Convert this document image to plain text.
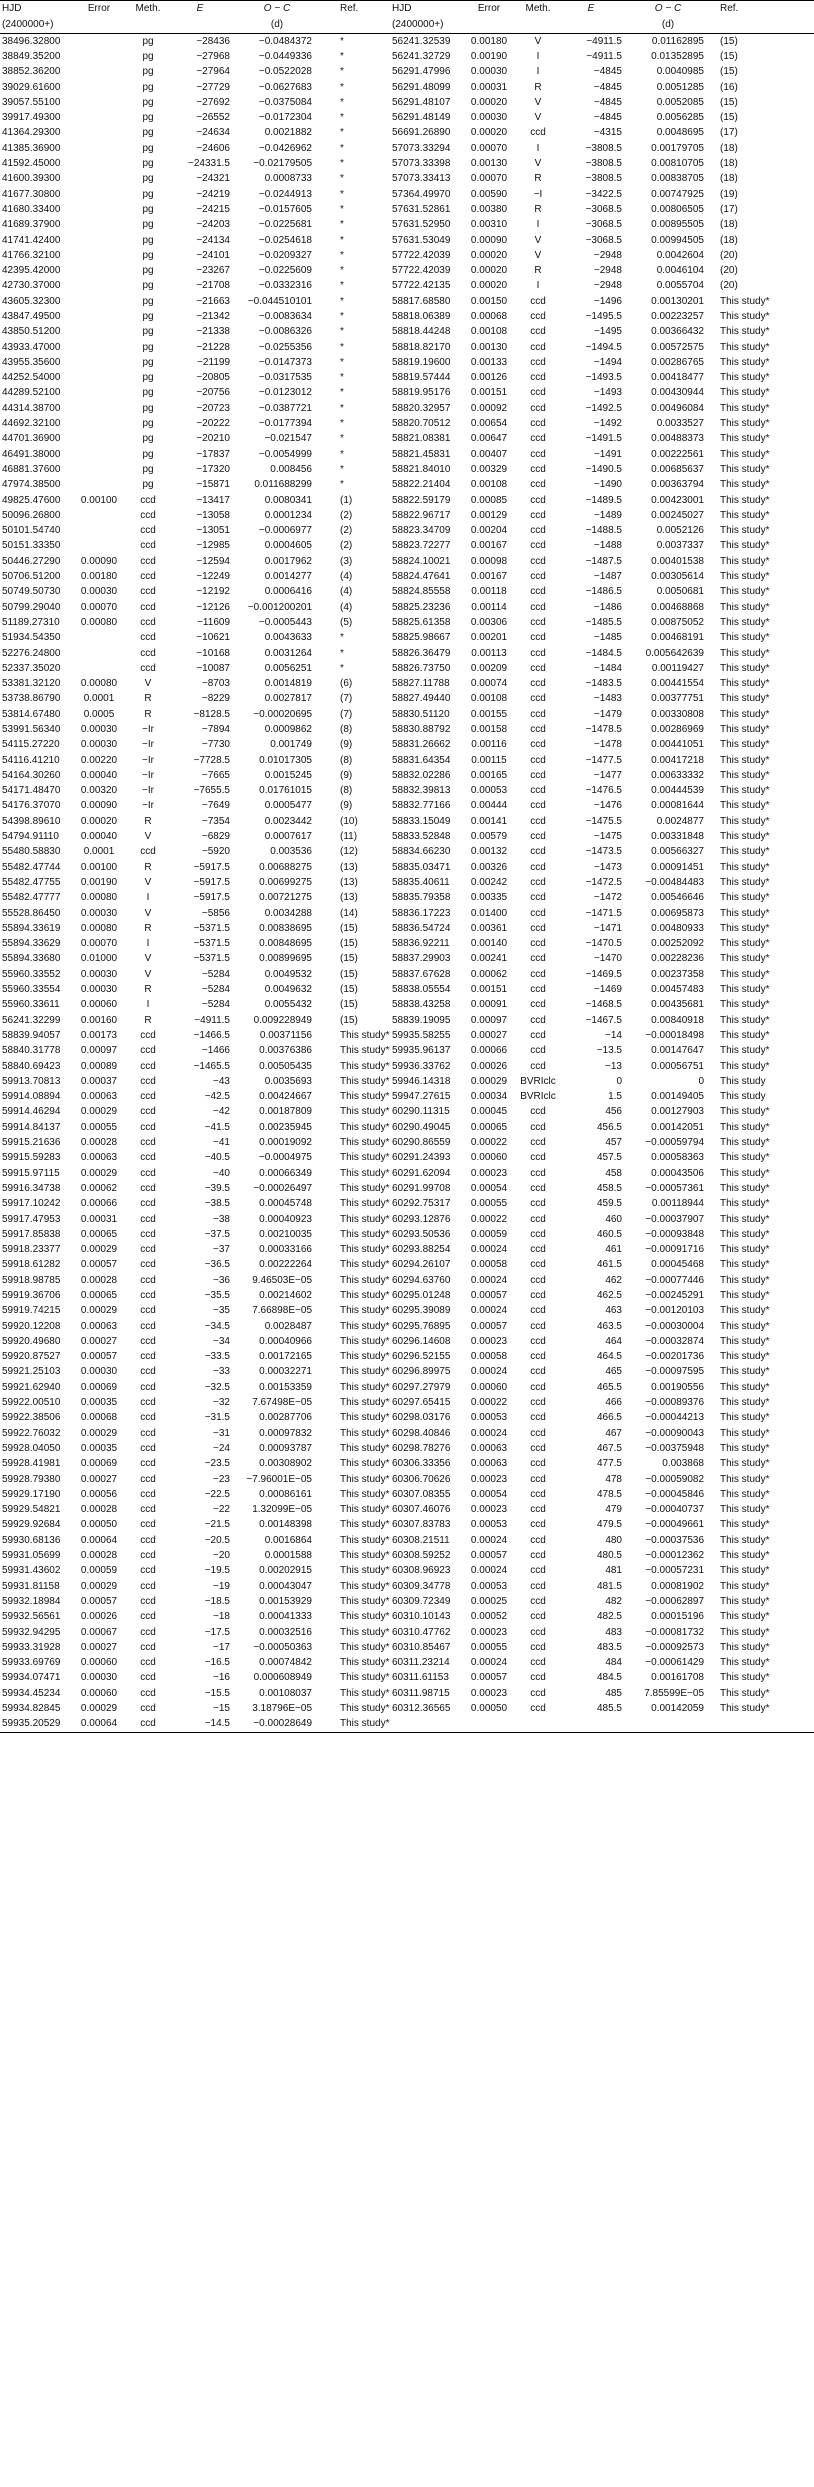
HJD	Error	Meth.	E	O − C	Ref.	HJD	Error	Meth.	E	O − C	Ref.
(2400000+)				(d)		(2400000+)				(d)	
38496.32800		pg	−28436	−0.0484372	*	56241.32539	0.00180	V	−4911.5	0.01162895	(15)
38849.35200		pg	−27968	−0.0449336	*	56241.32729	0.00190	I	−4911.5	0.01352895	(15)
38852.36200		pg	−27964	−0.0522028	*	56291.47996	0.00030	I	−4845	0.0040985	(15)
39029.61600		pg	−27729	−0.0627683	*	56291.48099	0.00031	R	−4845	0.0051285	(16)
39057.55100		pg	−27692	−0.0375084	*	56291.48107	0.00020	V	−4845	0.0052085	(15)
39917.49300		pg	−26552	−0.0172304	*	56291.48149	0.00030	V	−4845	0.0056285	(15)
41364.29300		pg	−24634	0.0021882	*	56691.26890	0.00020	ccd	−4315	0.0048695	(17)
41385.36900		pg	−24606	−0.0426962	*	57073.33294	0.00070	I	−3808.5	0.00179705	(18)
41592.45000		pg	−24331.5	−0.02179505	*	57073.33398	0.00130	V	−3808.5	0.00810705	(18)
41600.39300		pg	−24321	0.0008733	*	57073.33413	0.00070	R	−3808.5	0.00838705	(18)
41677.30800		pg	−24219	−0.0244913	*	57364.49970	0.00590	−I	−3422.5	0.00747925	(19)
41680.33400		pg	−24215	−0.0157605	*	57631.52861	0.00380	R	−3068.5	0.00806505	(17)
41689.37900		pg	−24203	−0.0225681	*	57631.52950	0.00310	I	−3068.5	0.00895505	(18)
41741.42400		pg	−24134	−0.0254618	*	57631.53049	0.00090	V	−3068.5	0.00994505	(18)
41766.32100		pg	−24101	−0.0209327	*	57722.42039	0.00020	V	−2948	0.0042604	(20)
42395.42000		pg	−23267	−0.0225609	*	57722.42039	0.00020	R	−2948	0.0046104	(20)
42730.37000		pg	−21708	−0.0332316	*	57722.42135	0.00020	I	−2948	0.0055704	(20)
43605.32300		pg	−21663	−0.044510101	*	58817.68580	0.00150	ccd	−1496	0.00130201	This study*
43847.49500		pg	−21342	−0.0083634	*	58818.06389	0.00068	ccd	−1495.5	0.00223257	This study*
43850.51200		pg	−21338	−0.0086326	*	58818.44248	0.00108	ccd	−1495	0.00366432	This study*
43933.47000		pg	−21228	−0.0255356	*	58818.82170	0.00130	ccd	−1494.5	0.00572575	This study*
43955.35600		pg	−21199	−0.0147373	*	58819.19600	0.00133	ccd	−1494	0.00286765	This study*
44252.54000		pg	−20805	−0.0317535	*	58819.57444	0.00126	ccd	−1493.5	0.00418477	This study*
44289.52100		pg	−20756	−0.0123012	*	58819.95176	0.00151	ccd	−1493	0.00430944	This study*
44314.38700		pg	−20723	−0.0387721	*	58820.32957	0.00092	ccd	−1492.5	0.00496084	This study*
44692.32100		pg	−20222	−0.0177394	*	58820.70512	0.00654	ccd	−1492	0.0033527	This study*
44701.36900		pg	−20210	−0.021547	*	58821.08381	0.00647	ccd	−1491.5	0.00488373	This study*
46491.38000		pg	−17837	−0.0054999	*	58821.45831	0.00407	ccd	−1491	0.00222561	This study*
46881.37600		pg	−17320	0.008456	*	58821.84010	0.00329	ccd	−1490.5	0.00685637	This study*
47974.38500		pg	−15871	0.011688299	*	58822.21404	0.00108	ccd	−1490	0.00363794	This study*
49825.47600	0.00100	ccd	−13417	0.0080341	(1)	58822.59179	0.00085	ccd	−1489.5	0.00423001	This study*
50096.26800		ccd	−13058	0.0001234	(2)	58822.96717	0.00129	ccd	−1489	0.00245027	This study*
50101.54740		ccd	−13051	−0.0006977	(2)	58823.34709	0.00204	ccd	−1488.5	0.0052126	This study*
50151.33350		ccd	−12985	0.0004605	(2)	58823.72277	0.00167	ccd	−1488	0.0037337	This study*
50446.27290	0.00090	ccd	−12594	0.0017962	(3)	58824.10021	0.00098	ccd	−1487.5	0.00401538	This study*
50706.51200	0.00180	ccd	−12249	0.0014277	(4)	58824.47641	0.00167	ccd	−1487	0.00305614	This study*
50749.50730	0.00030	ccd	−12192	0.0006416	(4)	58824.85558	0.00118	ccd	−1486.5	0.0050681	This study*
50799.29040	0.00070	ccd	−12126	−0.001200201	(4)	58825.23236	0.00114	ccd	−1486	0.00468868	This study*
51189.27310	0.00080	ccd	−11609	−0.0005443	(5)	58825.61358	0.00306	ccd	−1485.5	0.00875052	This study*
51934.54350		ccd	−10621	0.0043633	*	58825.98667	0.00201	ccd	−1485	0.00468191	This study*
52276.24800		ccd	−10168	0.0031264	*	58826.36479	0.00113	ccd	−1484.5	0.005642639	This study*
52337.35020		ccd	−10087	0.0056251	*	58826.73750	0.00209	ccd	−1484	0.00119427	This study*
53381.32120	0.00080	V	−8703	0.0014819	(6)	58827.11788	0.00074	ccd	−1483.5	0.00441554	This study*
53738.86790	0.0001	R	−8229	0.0027817	(7)	58827.49440	0.00108	ccd	−1483	0.00377751	This study*
53814.67480	0.0005	R	−8128.5	−0.00020695	(7)	58830.51120	0.00155	ccd	−1479	0.00330808	This study*
53991.56340	0.00030	−Ir	−7894	0.0009862	(8)	58830.88792	0.00158	ccd	−1478.5	0.00286969	This study*
54115.27220	0.00030	−Ir	−7730	0.001749	(9)	58831.26662	0.00116	ccd	−1478	0.00441051	This study*
54116.41210	0.00220	−Ir	−7728.5	0.01017305	(8)	58831.64354	0.00115	ccd	−1477.5	0.00417218	This study*
54164.30260	0.00040	−Ir	−7665	0.0015245	(9)	58832.02286	0.00165	ccd	−1477	0.00633332	This study*
54171.48470	0.00320	−Ir	−7655.5	0.01761015	(8)	58832.39813	0.00053	ccd	−1476.5	0.00444539	This study*
54176.37070	0.00090	−Ir	−7649	0.0005477	(9)	58832.77166	0.00444	ccd	−1476	0.00081644	This study*
54398.89610	0.00020	R	−7354	0.0023442	(10)	58833.15049	0.00141	ccd	−1475.5	0.0024877	This study*
54794.91110	0.00040	V	−6829	0.0007617	(11)	58833.52848	0.00579	ccd	−1475	0.00331848	This study*
55480.58830	0.0001	ccd	−5920	0.003536	(12)	58834.66230	0.00132	ccd	−1473.5	0.00566327	This study*
55482.47744	0.00100	R	−5917.5	0.00688275	(13)	58835.03471	0.00326	ccd	−1473	0.00091451	This study*
55482.47755	0.00190	V	−5917.5	0.00699275	(13)	58835.40611	0.00242	ccd	−1472.5	−0.00484483	This study*
55482.47777	0.00080	I	−5917.5	0.00721275	(13)	58835.79358	0.00335	ccd	−1472	0.00546646	This study*
55528.86450	0.00030	V	−5856	0.0034288	(14)	58836.17223	0.01400	ccd	−1471.5	0.00695873	This study*
55894.33619	0.00080	R	−5371.5	0.00838695	(15)	58836.54724	0.00361	ccd	−1471	0.00480933	This study*
55894.33629	0.00070	I	−5371.5	0.00848695	(15)	58836.92211	0.00140	ccd	−1470.5	0.00252092	This study*
55894.33680	0.01000	V	−5371.5	0.00899695	(15)	58837.29903	0.00241	ccd	−1470	0.00228236	This study*
55960.33552	0.00030	V	−5284	0.0049532	(15)	58837.67628	0.00062	ccd	−1469.5	0.00237358	This study*
55960.33554	0.00030	R	−5284	0.0049632	(15)	58838.05554	0.00151	ccd	−1469	0.00457483	This study*
55960.33611	0.00060	I	−5284	0.0055432	(15)	58838.43258	0.00091	ccd	−1468.5	0.00435681	This study*
56241.32299	0.00160	R	−4911.5	0.009228949	(15)	58839.19095	0.00097	ccd	−1467.5	0.00840918	This study*
58839.94057	0.00173	ccd	−1466.5	0.00371156	This study*	59935.58255	0.00027	ccd	−14	−0.00018498	This study*
58840.31778	0.00097	ccd	−1466	0.00376386	This study*	59935.96137	0.00066	ccd	−13.5	0.00147647	This study*
58840.69423	0.00089	ccd	−1465.5	0.00505435	This study*	59936.33762	0.00026	ccd	−13	0.00056751	This study*
59913.70813	0.00037	ccd	−43	0.0035693	This study*	59946.14318	0.00029	BVRIclc	0	0	This study
59914.08894	0.00063	ccd	−42.5	0.00424667	This study*	59947.27615	0.00034	BVRIclc	1.5	0.00149405	This study
59914.46294	0.00029	ccd	−42	0.00187809	This study*	60290.11315	0.00045	ccd	456	0.00127903	This study*
59914.84137	0.00055	ccd	−41.5	0.00235945	This study*	60290.49045	0.00065	ccd	456.5	0.00142051	This study*
59915.21636	0.00028	ccd	−41	0.00019092	This study*	60290.86559	0.00022	ccd	457	−0.00059794	This study*
59915.59283	0.00063	ccd	−40.5	−0.0004975	This study*	60291.24393	0.00060	ccd	457.5	0.00058363	This study*
59915.97115	0.00029	ccd	−40	0.00066349	This study*	60291.62094	0.00023	ccd	458	0.00043506	This study*
59916.34738	0.00062	ccd	−39.5	−0.00026497	This study*	60291.99708	0.00054	ccd	458.5	−0.00057361	This study*
59917.10242	0.00066	ccd	−38.5	0.00045748	This study*	60292.75317	0.00055	ccd	459.5	0.00118944	This study*
59917.47953	0.00031	ccd	−38	0.00040923	This study*	60293.12876	0.00022	ccd	460	−0.00037907	This study*
59917.85838	0.00065	ccd	−37.5	0.00210035	This study*	60293.50536	0.00059	ccd	460.5	−0.00093848	This study*
59918.23377	0.00029	ccd	−37	0.00033166	This study*	60293.88254	0.00024	ccd	461	−0.00091716	This study*
59918.61282	0.00057	ccd	−36.5	0.00222264	This study*	60294.26107	0.00058	ccd	461.5	0.00045468	This study*
59918.98785	0.00028	ccd	−36	9.46503E−05	This study*	60294.63760	0.00024	ccd	462	−0.00077446	This study*
59919.36706	0.00065	ccd	−35.5	0.00214602	This study*	60295.01248	0.00057	ccd	462.5	−0.00245291	This study*
59919.74215	0.00029	ccd	−35	7.66898E−05	This study*	60295.39089	0.00024	ccd	463	−0.00120103	This study*
59920.12208	0.00063	ccd	−34.5	0.0028487	This study*	60295.76895	0.00057	ccd	463.5	−0.00030004	This study*
59920.49680	0.00027	ccd	−34	0.00040966	This study*	60296.14608	0.00023	ccd	464	−0.00032874	This study*
59920.87527	0.00057	ccd	−33.5	0.00172165	This study*	60296.52155	0.00058	ccd	464.5	−0.00201736	This study*
59921.25103	0.00030	ccd	−33	0.00032271	This study*	60296.89975	0.00024	ccd	465	−0.00097595	This study*
59921.62940	0.00069	ccd	−32.5	0.00153359	This study*	60297.27979	0.00060	ccd	465.5	0.00190556	This study*
59922.00510	0.00035	ccd	−32	7.67498E−05	This study*	60297.65415	0.00022	ccd	466	−0.00089376	This study*
59922.38506	0.00068	ccd	−31.5	0.00287706	This study*	60298.03176	0.00053	ccd	466.5	−0.00044213	This study*
59922.76032	0.00029	ccd	−31	0.00097832	This study*	60298.40846	0.00024	ccd	467	−0.00090043	This study*
59928.04050	0.00035	ccd	−24	0.00093787	This study*	60298.78276	0.00063	ccd	467.5	−0.00375948	This study*
59928.41981	0.00069	ccd	−23.5	0.00308902	This study*	60306.33356	0.00063	ccd	477.5	0.003868	This study*
59928.79380	0.00027	ccd	−23	−7.96001E−05	This study*	60306.70626	0.00023	ccd	478	−0.00059082	This study*
59929.17190	0.00056	ccd	−22.5	0.00086161	This study*	60307.08355	0.00054	ccd	478.5	−0.00045846	This study*
59929.54821	0.00028	ccd	−22	1.32099E−05	This study*	60307.46076	0.00023	ccd	479	−0.00040737	This study*
59929.92684	0.00050	ccd	−21.5	0.00148398	This study*	60307.83783	0.00053	ccd	479.5	−0.00049661	This study*
59930.68136	0.00064	ccd	−20.5	0.0016864	This study*	60308.21511	0.00024	ccd	480	−0.00037536	This study*
59931.05699	0.00028	ccd	−20	0.0001588	This study*	60308.59252	0.00057	ccd	480.5	−0.00012362	This study*
59931.43602	0.00059	ccd	−19.5	0.00202915	This study*	60308.96923	0.00024	ccd	481	−0.00057231	This study*
59931.81158	0.00029	ccd	−19	0.00043047	This study*	60309.34778	0.00053	ccd	481.5	0.00081902	This study*
59932.18984	0.00057	ccd	−18.5	0.00153929	This study*	60309.72349	0.00025	ccd	482	−0.00062897	This study*
59932.56561	0.00026	ccd	−18	0.00041333	This study*	60310.10143	0.00052	ccd	482.5	0.00015196	This study*
59932.94295	0.00067	ccd	−17.5	0.00032516	This study*	60310.47762	0.00023	ccd	483	−0.00081732	This study*
59933.31928	0.00027	ccd	−17	−0.00050363	This study*	60310.85467	0.00055	ccd	483.5	−0.00092573	This study*
59933.69769	0.00060	ccd	−16.5	0.00074842	This study*	60311.23214	0.00024	ccd	484	−0.00061429	This study*
59934.07471	0.00030	ccd	−16	0.000608949	This study*	60311.61153	0.00057	ccd	484.5	0.00161708	This study*
59934.45234	0.00060	ccd	−15.5	0.00108037	This study*	60311.98715	0.00023	ccd	485	7.85599E−05	This study*
59934.82845	0.00029	ccd	−15	3.18796E−05	This study*	60312.36565	0.00050	ccd	485.5	0.00142059	This study*
59935.20529	0.00064	ccd	−14.5	−0.00028649	This study*						
